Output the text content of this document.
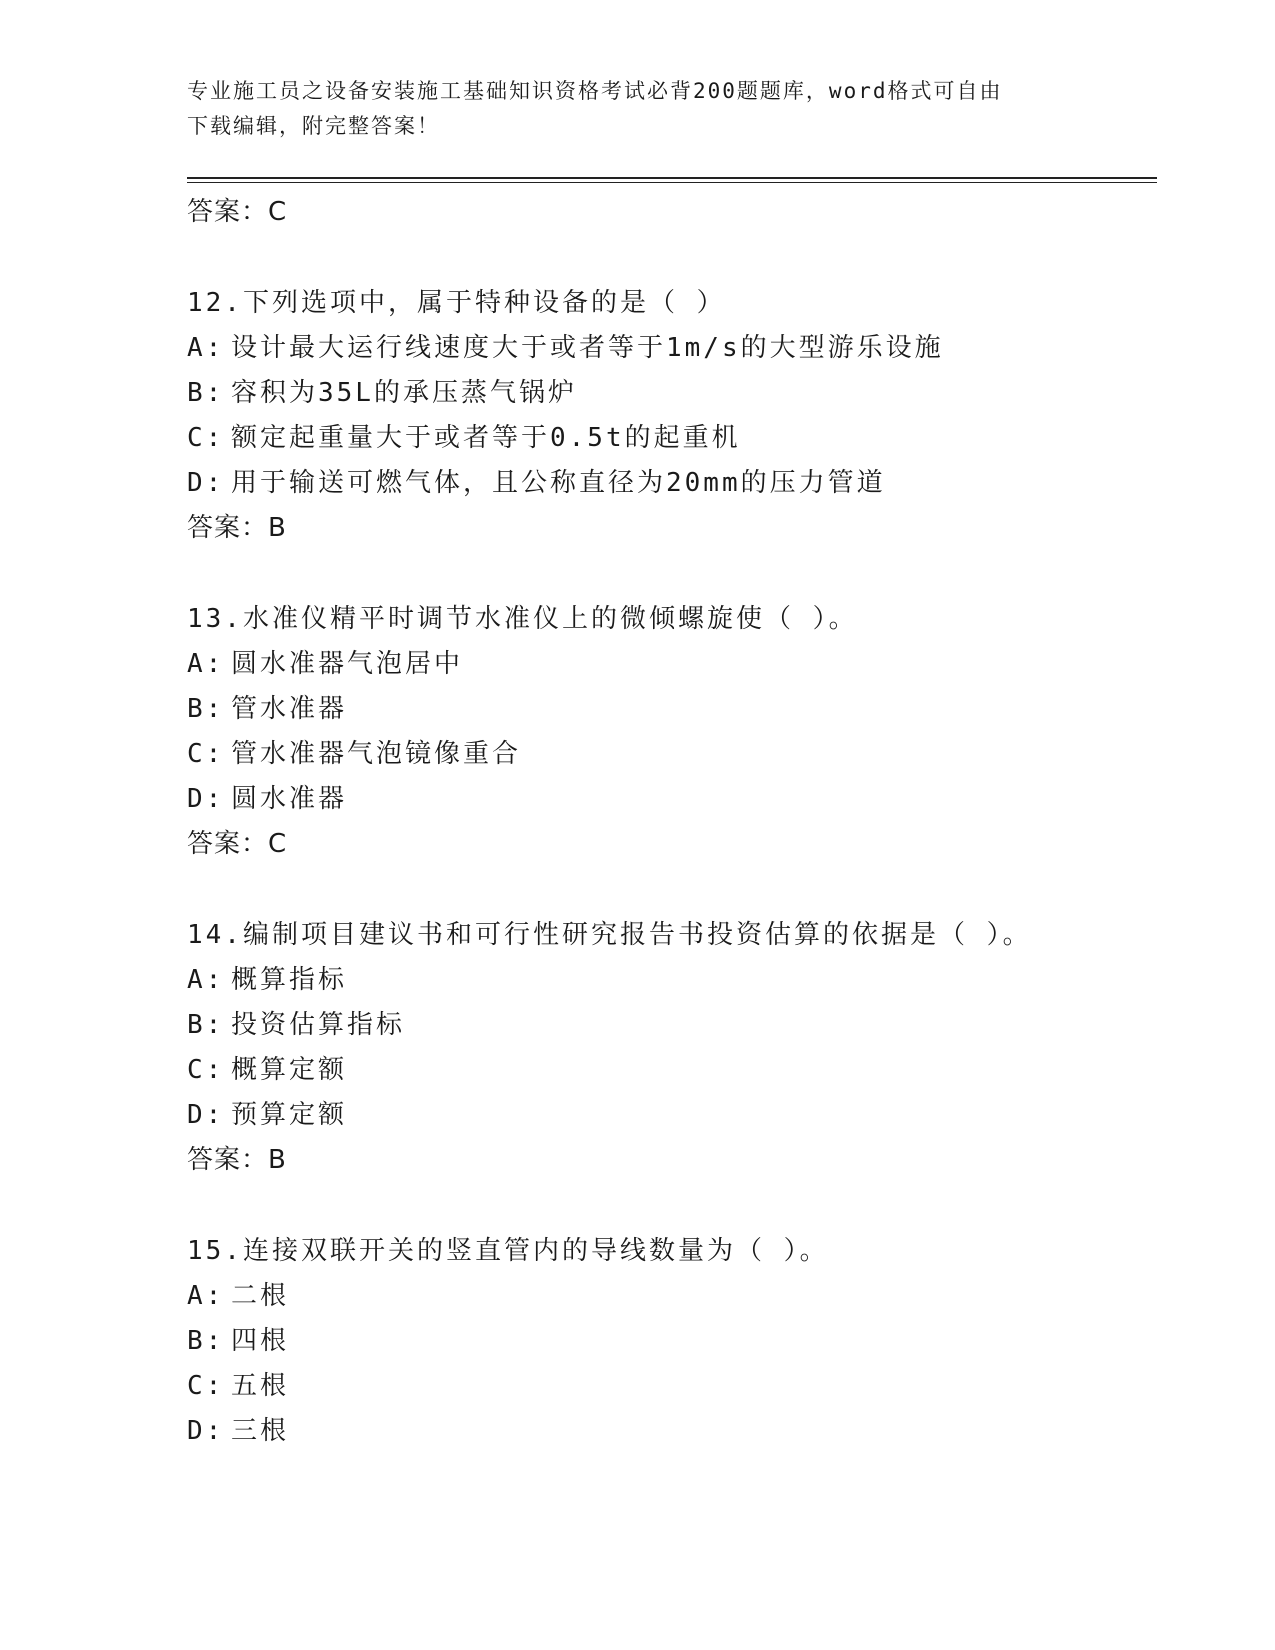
专业施工员之设备安装施工基础知识资格考试必背200题题库，word格式可自由
下载编辑，附完整答案！
答案：C
12.下列选项中，属于特种设备的是（ ）
A: 设计最大运行线速度大于或者等于1m/s的大型游乐设施
B: 容积为35L的承压蒸气锅炉
C: 额定起重量大于或者等于0.5t的起重机
D: 用于输送可燃气体，且公称直径为20mm的压力管道
答案：B
13.水准仪精平时调节水准仪上的微倾螺旋使（ ）。
A: 圆水准器气泡居中
B: 管水准器
C: 管水准器气泡镜像重合
D: 圆水准器
答案：C
14.编制项目建议书和可行性研究报告书投资估算的依据是（ ）。
A: 概算指标
B: 投资估算指标
C: 概算定额
D: 预算定额
答案：B
15.连接双联开关的竖直管内的导线数量为（ ）。
A: 二根
B: 四根
C: 五根
D: 三根
